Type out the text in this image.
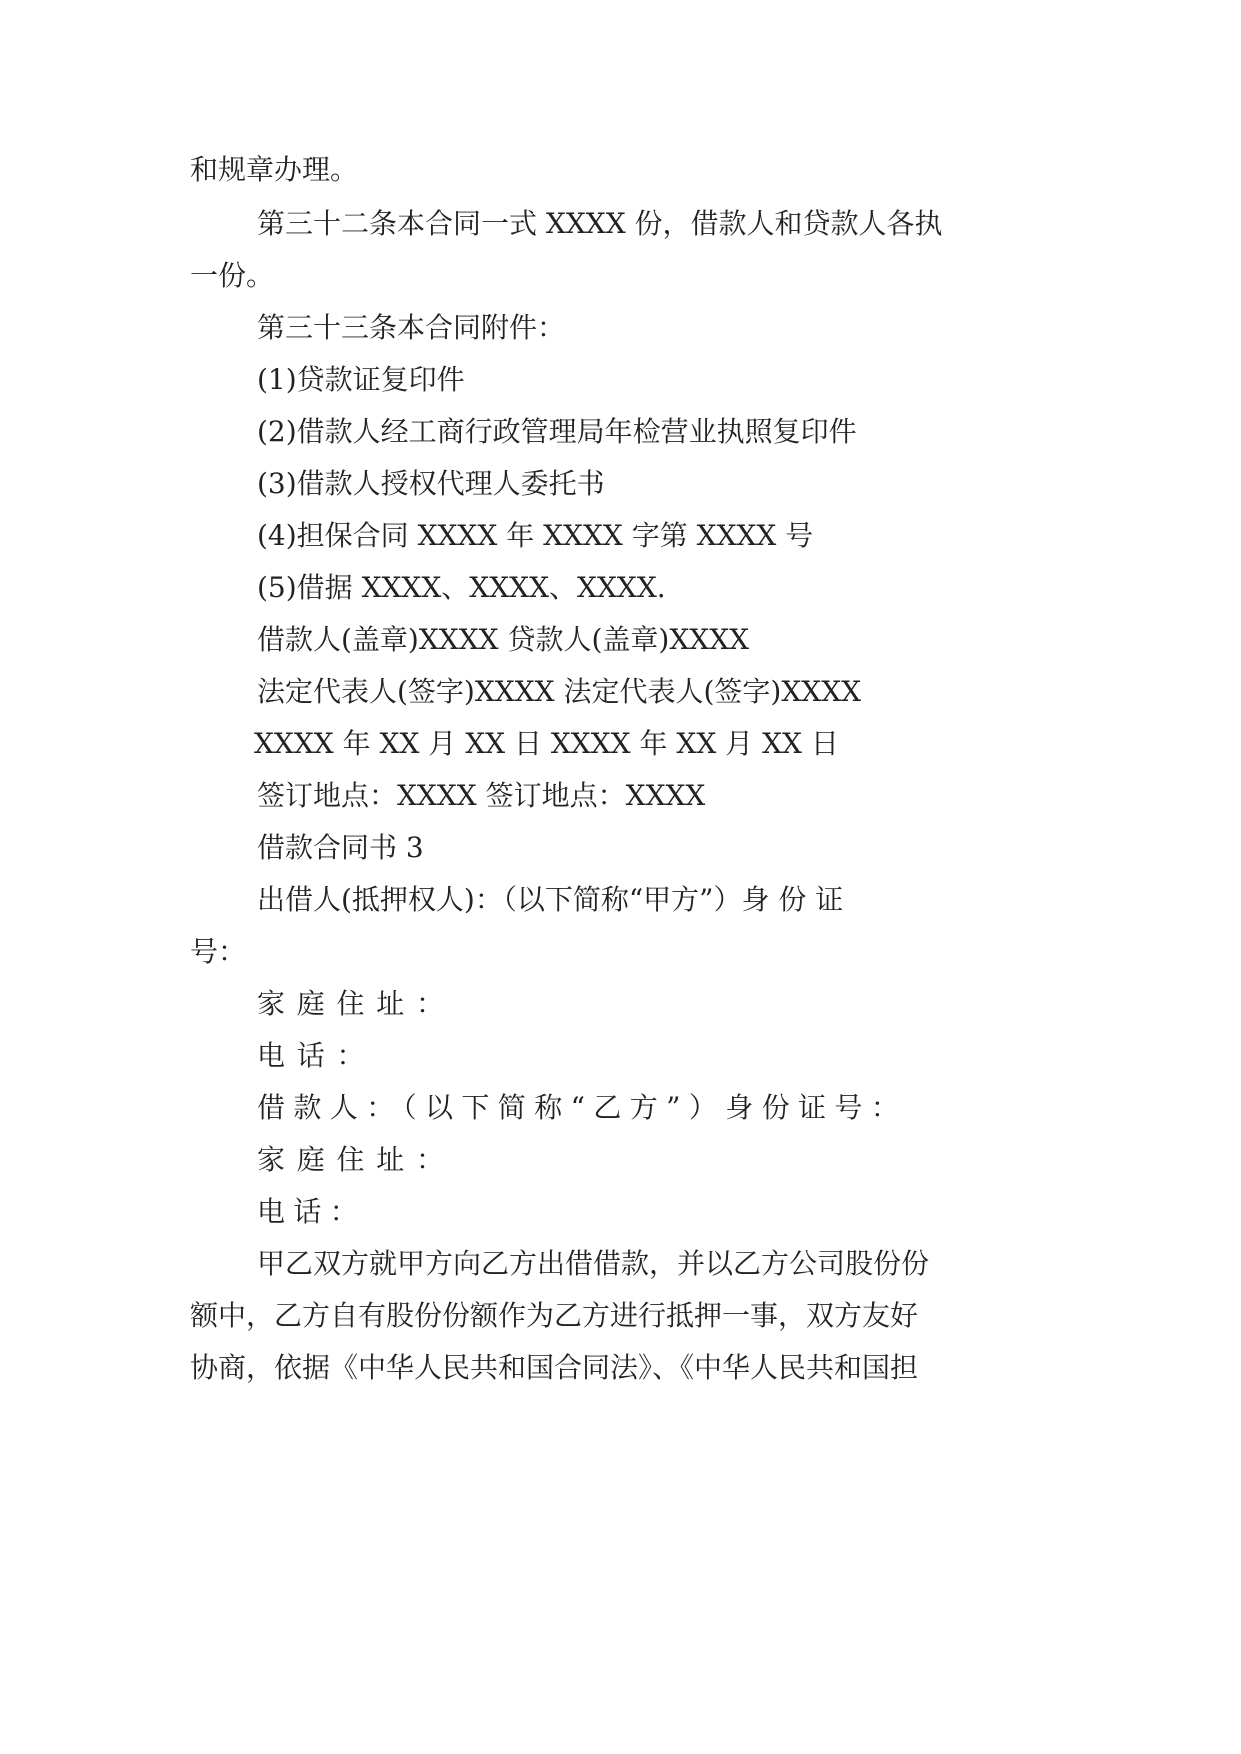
和规章办理。
第三十二条本合同一式 XXXX 份，借款人和贷款人各执
一份。
第三十三条本合同附件：
(1)贷款证复印件
(2)借款人经工商行政管理局年检营业执照复印件
(3)借款人授权代理人委托书
(4)担保合同 XXXX 年 XXXX 字第 XXXX 号
(5)借据 XXXX、XXXX、XXXX.
借款人(盖章)XXXX 贷款人(盖章)XXXX
法定代表人(签字)XXXX 法定代表人(签字)XXXX
XXXX 年 XX 月 XX 日 XXXX 年 XX 月 XX 日
签订地点：XXXX 签订地点：XXXX
借款合同书 3
出借人(抵押权人)：（以下简称“甲方”）身 份 证
号：
家庭住址：
电话：
借款人：（以下简称“乙方”）身份证号：
家庭住址：
电话：
甲乙双方就甲方向乙方出借借款，并以乙方公司股份份
额中，乙方自有股份份额作为乙方进行抵押一事，双方友好
协商，依据《中华人民共和国合同法》、《中华人民共和国担
